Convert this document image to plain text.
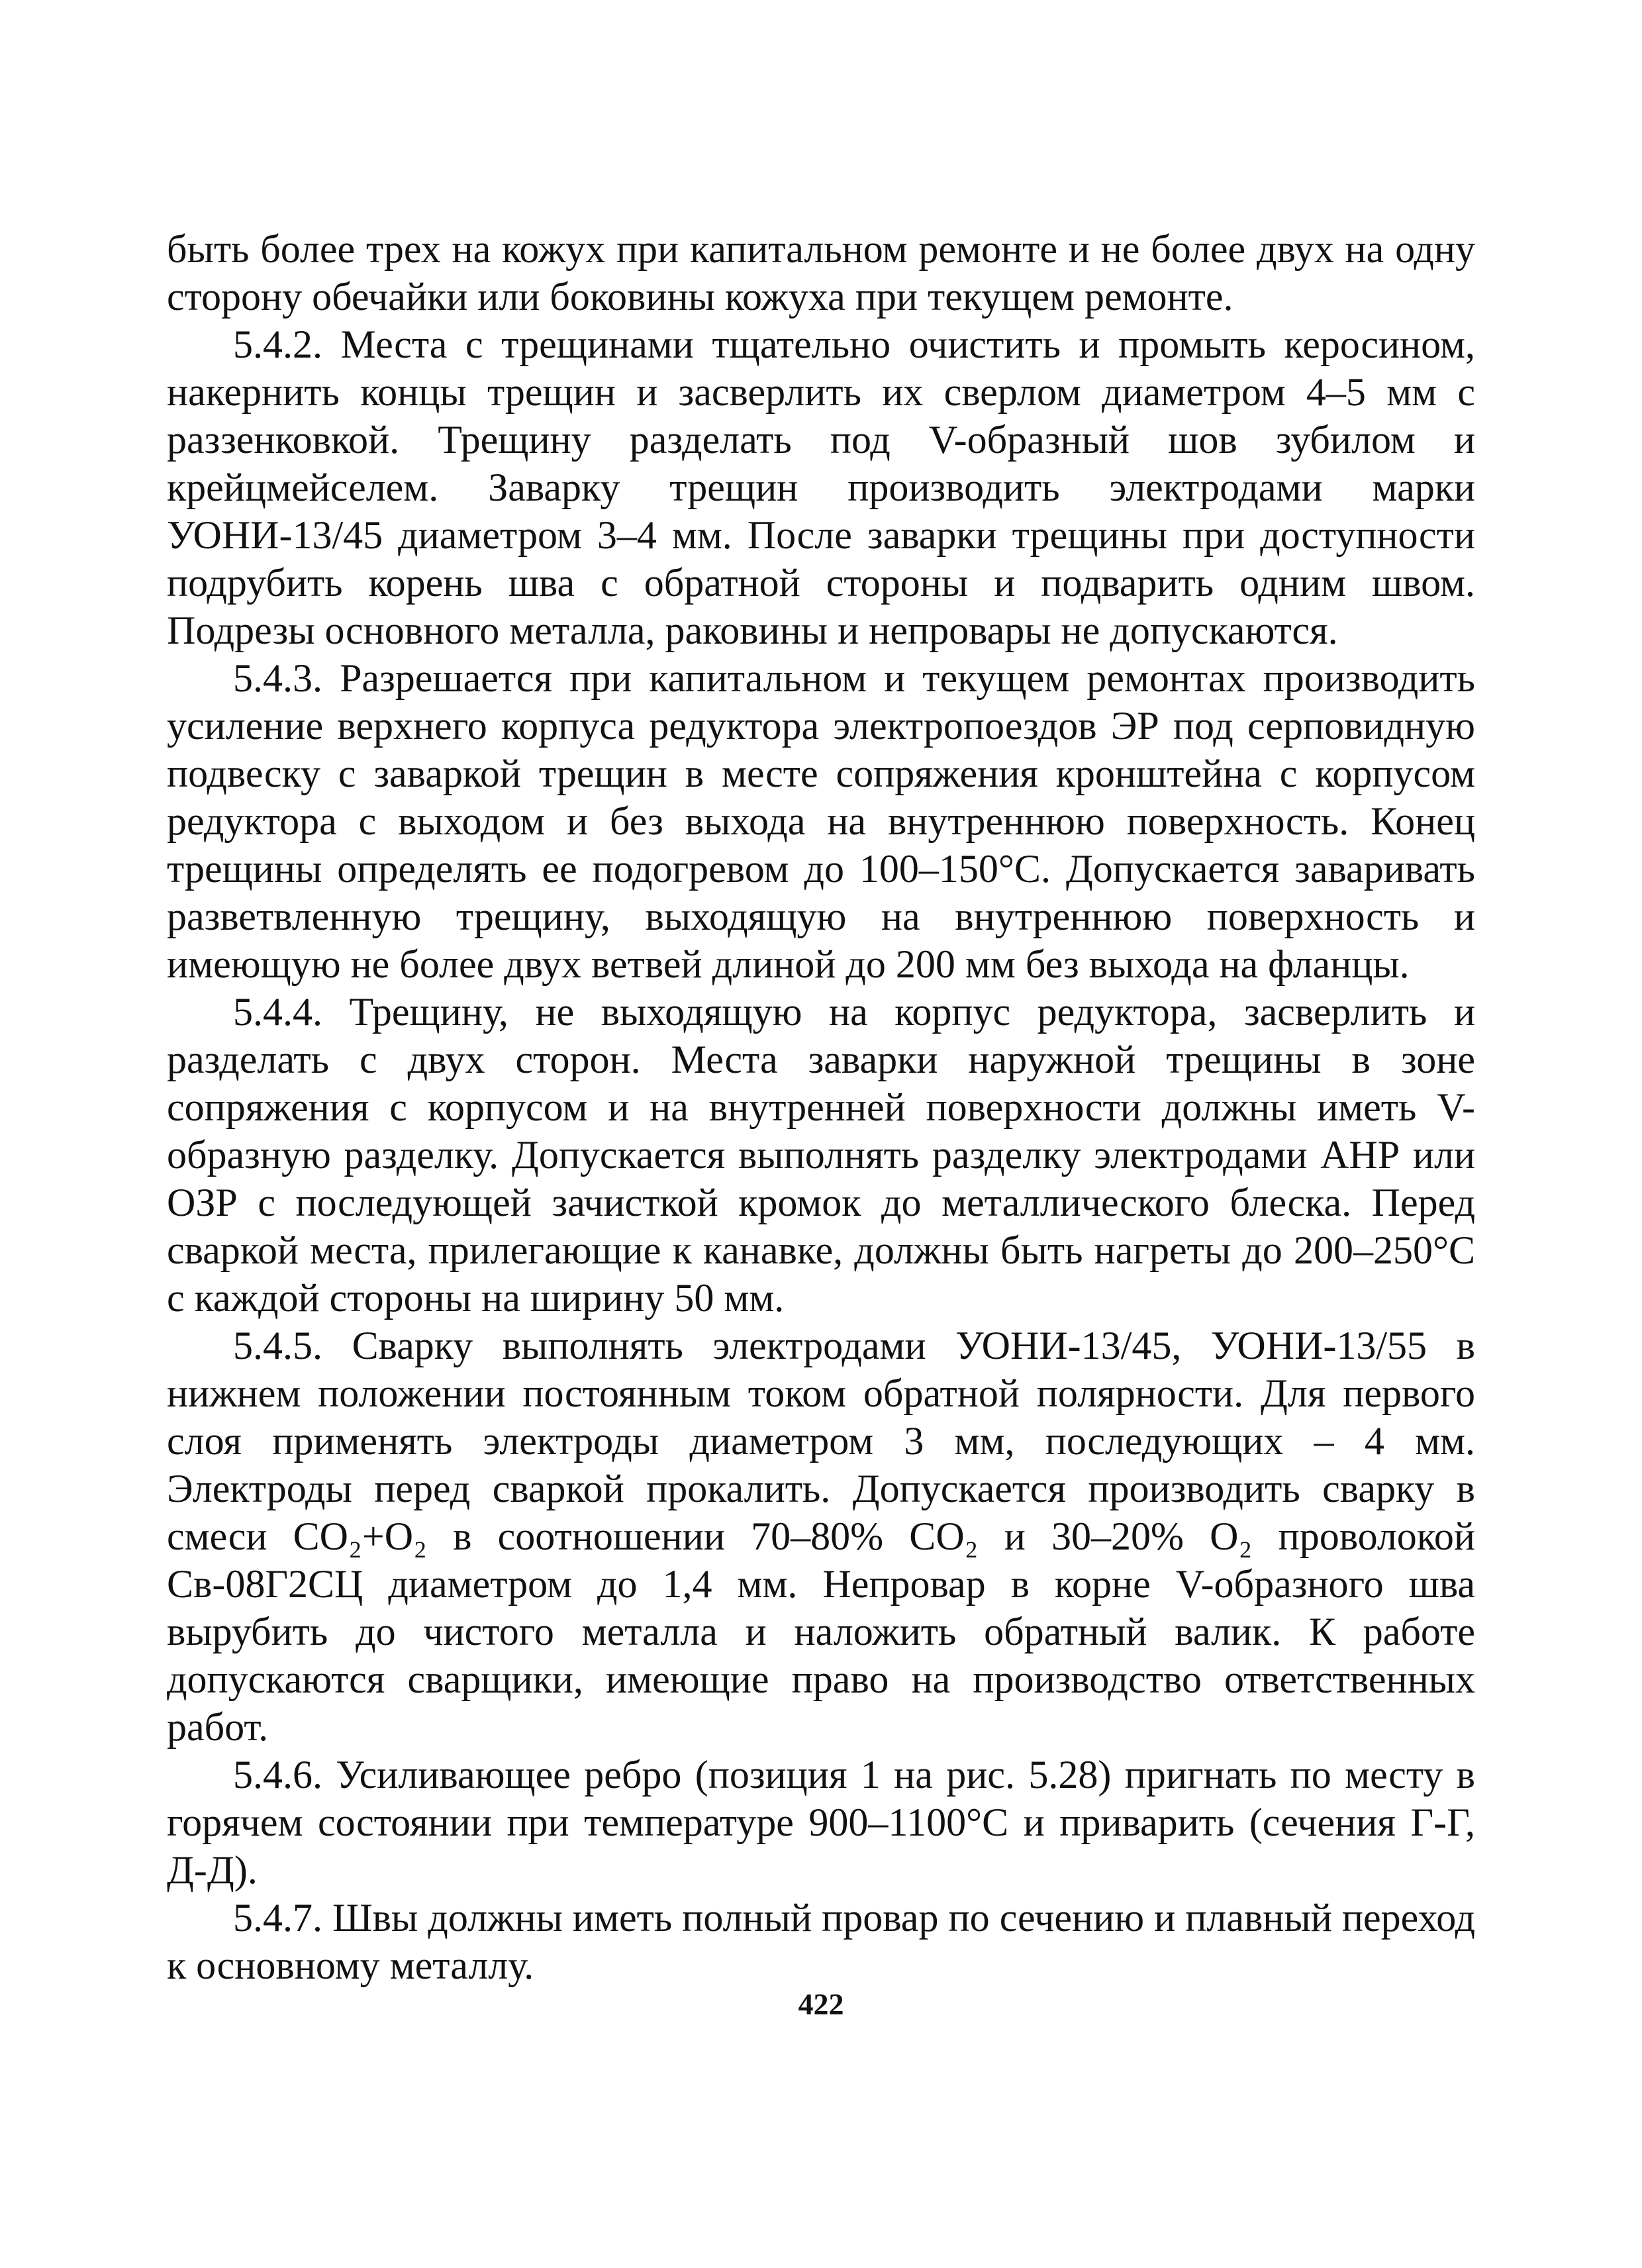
быть более трех на кожух при капитальном ремонте и не более двух на одну сторону обечайки или боковины кожуха при текущем ремонте.

5.4.2. Места с трещинами тщательно очистить и промыть керосином, накернить концы трещин и засверлить их сверлом диаметром 4–5 мм с раззенковкой. Трещину разделать под V-образный шов зубилом и крейцмейселем. Заварку трещин производить электродами марки УОНИ-13/45 диаметром 3–4 мм. После заварки трещины при доступности подрубить корень шва с обратной стороны и подварить одним швом. Подрезы основного металла, раковины и непровары не допускаются.

5.4.3. Разрешается при капитальном и текущем ремонтах производить усиление верхнего корпуса редуктора электропоездов ЭР под серповидную подвеску с заваркой трещин в месте сопряжения кронштейна с корпусом редуктора с выходом и без выхода на внутреннюю поверхность. Конец трещины определять ее подогревом до 100–150°С. Допускается заваривать разветвленную трещину, выходящую на внутреннюю поверхность и имеющую не более двух ветвей длиной до 200 мм без выхода на фланцы.

5.4.4. Трещину, не выходящую на корпус редуктора, засверлить и разделать с двух сторон. Места заварки наружной трещины в зоне сопряжения с корпусом и на внутренней поверхности должны иметь V-образную разделку. Допускается выполнять разделку электродами АНР или ОЗР с последующей зачисткой кромок до металлического блеска. Перед сваркой места, прилегающие к канавке, должны быть нагреты до 200–250°С с каждой стороны на ширину 50 мм.

5.4.5. Сварку выполнять электродами УОНИ-13/45, УОНИ-13/55 в нижнем положении постоянным током обратной полярности. Для первого слоя применять электроды диаметром 3 мм, последующих – 4 мм. Электроды перед сваркой прокалить. Допускается производить сварку в смеси CO₂+O₂ в соотношении 70–80% CO₂ и 30–20% O₂ проволокой Св-08Г2СЦ диаметром до 1,4 мм. Непровар в корне V-образного шва вырубить до чистого металла и наложить обратный валик. К работе допускаются сварщики, имеющие право на производство ответственных работ.

5.4.6. Усиливающее ребро (позиция 1 на рис. 5.28) пригнать по месту в горячем состоянии при температуре 900–1100°С и приварить (сечения Г-Г, Д-Д).

5.4.7. Швы должны иметь полный провар по сечению и плавный переход к основному металлу.

422
